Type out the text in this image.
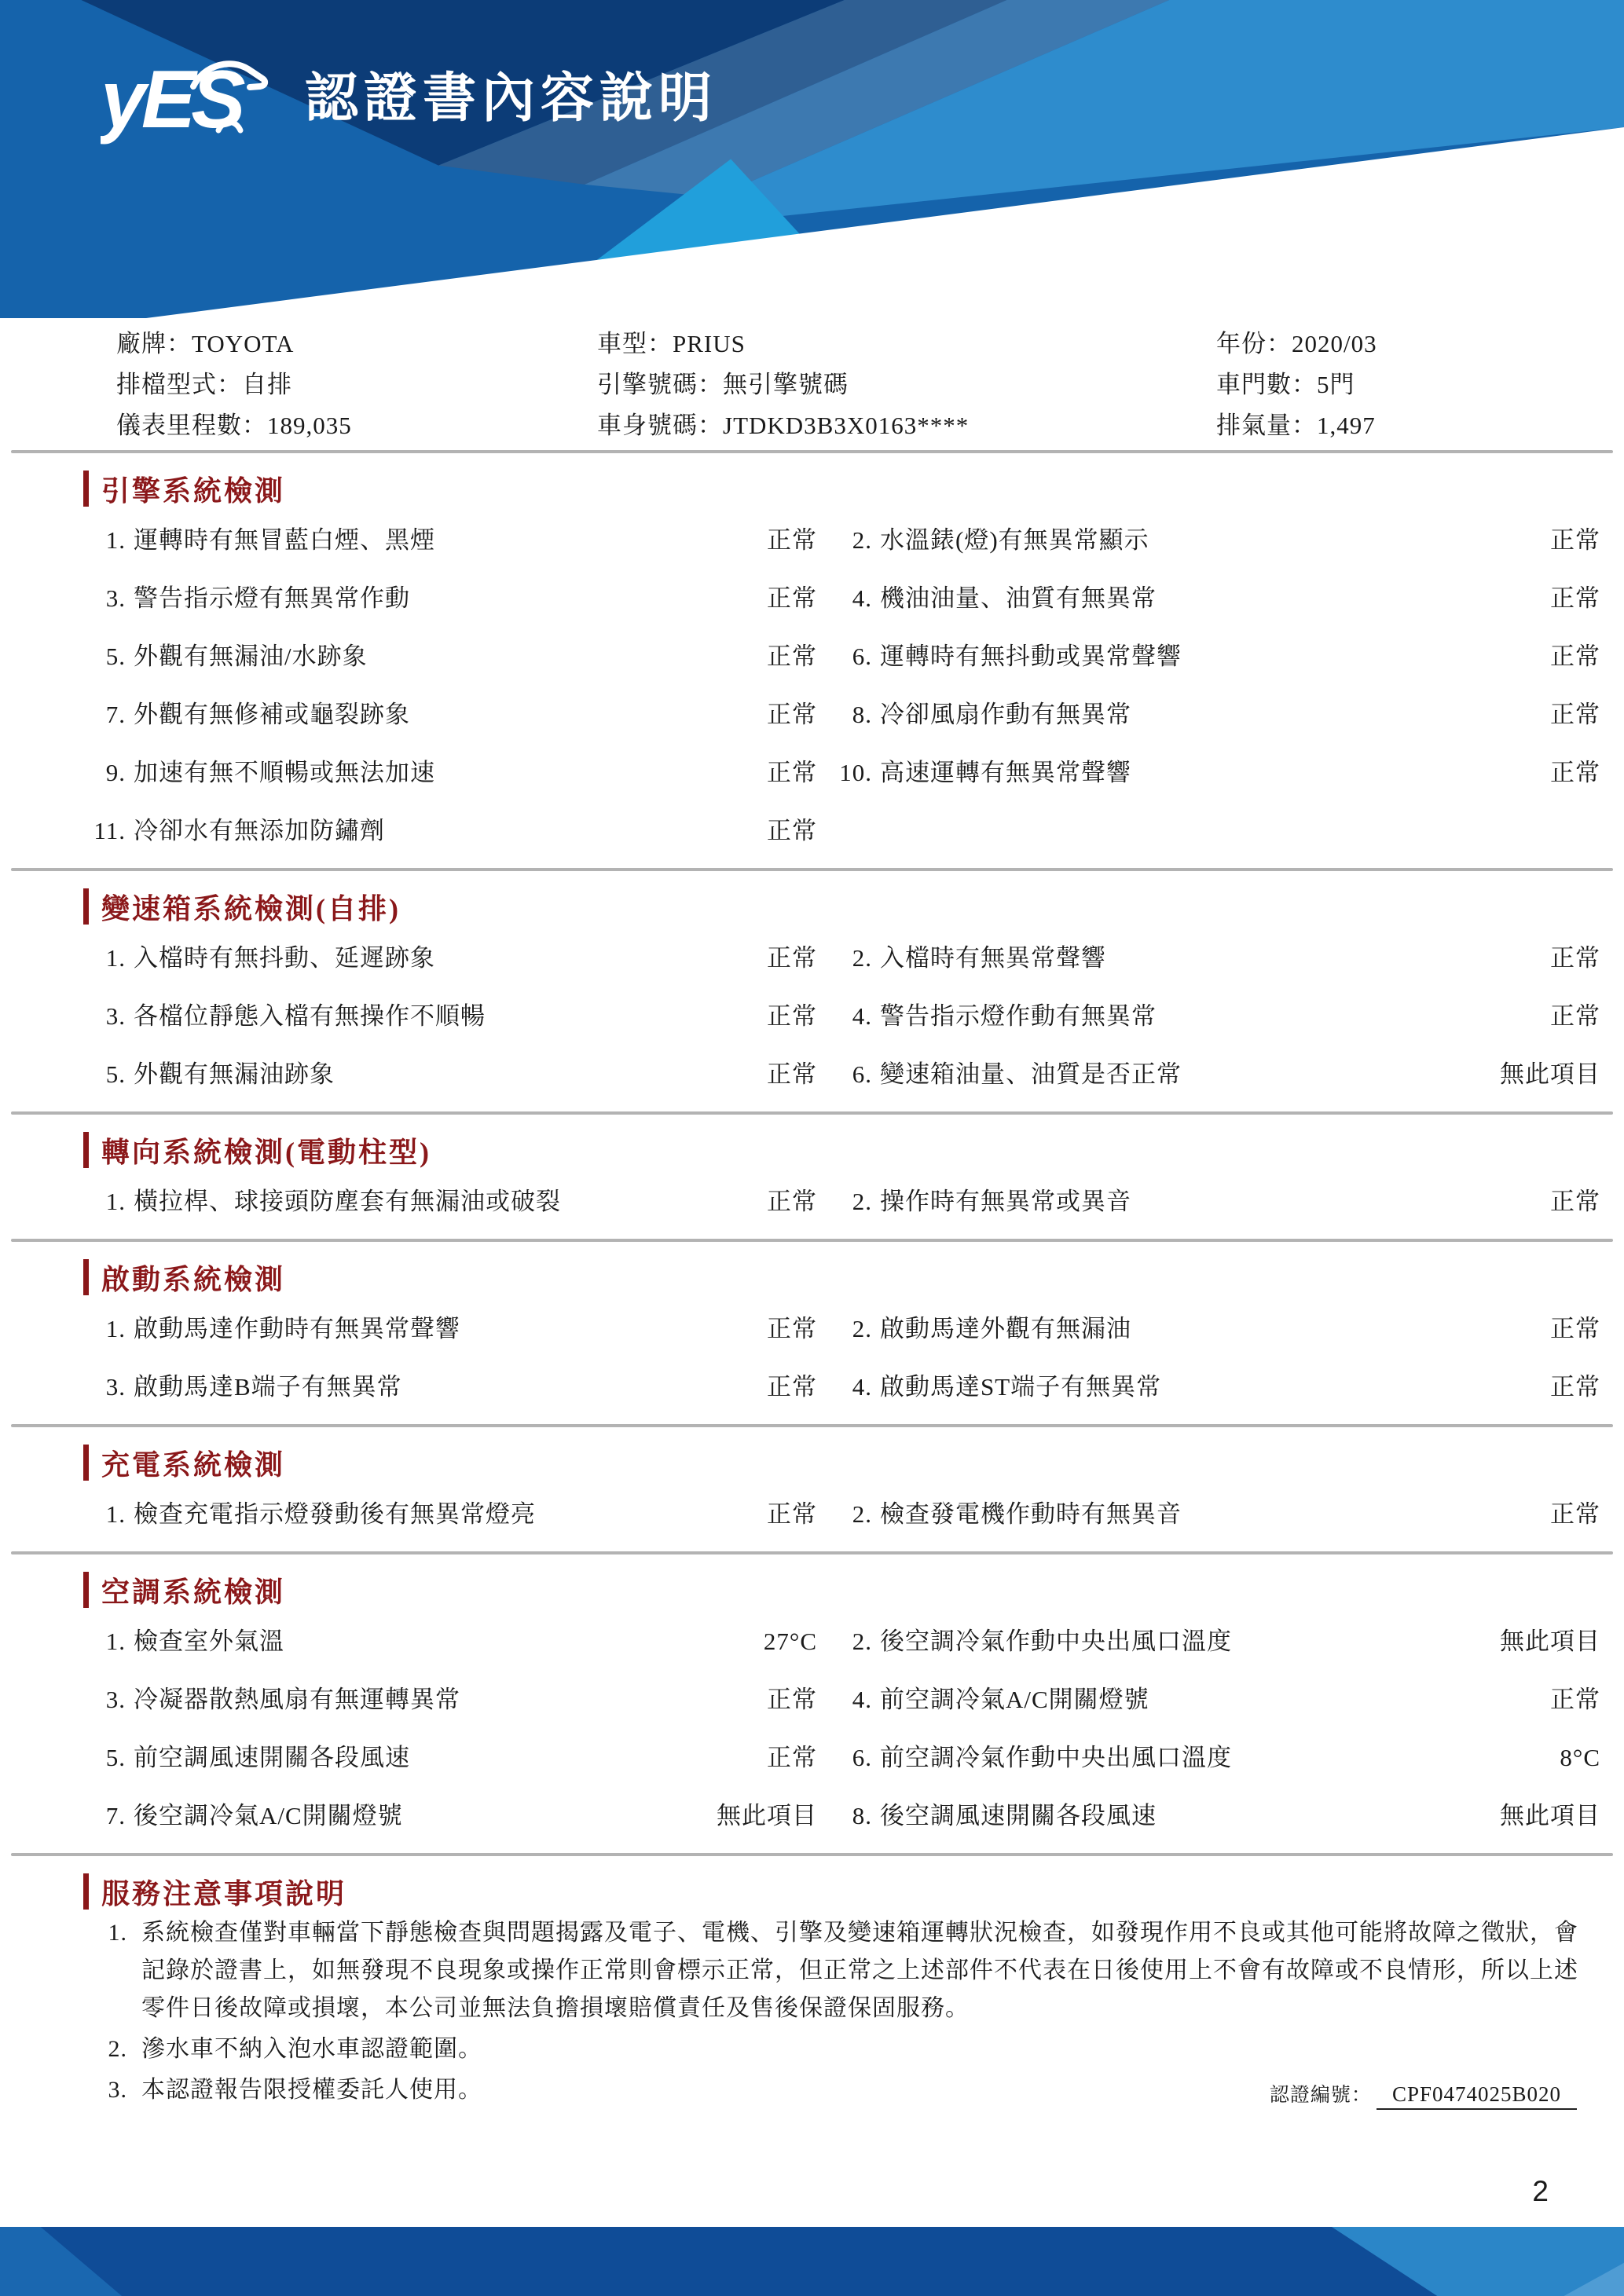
yES 認證書內容說明
廠牌：TOYOTA	車型：PRIUS	年份：2020/03
排檔型式：自排	引擎號碼：無引擎號碼	車門數：5門
儀表里程數：189,035	車身號碼：JTDKD3B3X0163****	排氣量：1,497
引擎系統檢測
1. 運轉時有無冒藍白煙、黑煙	正常	2. 水溫錶(燈)有無異常顯示	正常
3. 警告指示燈有無異常作動	正常	4. 機油油量、油質有無異常	正常
5. 外觀有無漏油/水跡象	正常	6. 運轉時有無抖動或異常聲響	正常
7. 外觀有無修補或龜裂跡象	正常	8. 冷卻風扇作動有無異常	正常
9. 加速有無不順暢或無法加速	正常 10. 高速運轉有無異常聲響	正常
11. 冷卻水有無添加防鏽劑	正常
變速箱系統檢測(自排)
1. 入檔時有無抖動、延遲跡象	正常	2. 入檔時有無異常聲響	正常
3. 各檔位靜態入檔有無操作不順暢	正常	4. 警告指示燈作動有無異常	正常
5. 外觀有無漏油跡象	正常	6. 變速箱油量、油質是否正常	無此項目
轉向系統檢測(電動柱型)
1. 橫拉桿、球接頭防塵套有無漏油或破裂	正常	2. 操作時有無異常或異音	正常
啟動系統檢測
1. 啟動馬達作動時有無異常聲響	正常	2. 啟動馬達外觀有無漏油	正常
3. 啟動馬達B端子有無異常	正常	4. 啟動馬達ST端子有無異常	正常
充電系統檢測
1. 檢查充電指示燈發動後有無異常燈亮	正常	2. 檢查發電機作動時有無異音	正常
空調系統檢測
1. 檢查室外氣溫	27°C	2. 後空調冷氣作動中央出風口溫度	無此項目
3. 冷凝器散熱風扇有無運轉異常	正常	4. 前空調冷氣A/C開關燈號	正常
5. 前空調風速開關各段風速	正常	6. 前空調冷氣作動中央出風口溫度	8°C
7. 後空調冷氣A/C開關燈號	無此項目	8. 後空調風速開關各段風速	無此項目
服務注意事項說明
1. 系統檢查僅對車輛當下靜態檢查與問題揭露及電子、電機、引擎及變速箱運轉狀況檢查，如發現作用不良或其他可能將故障之徵狀，會記錄於證書上，如無發現不良現象或操作正常則會標示正常，但正常之上述部件不代表在日後使用上不會有故障或不良情形，所以上述零件日後故障或損壞，本公司並無法負擔損壞賠償責任及售後保證保固服務。
2. 滲水車不納入泡水車認證範圍。
3. 本認證報告限授權委託人使用。	認證編號： CPF0474025B020
2
